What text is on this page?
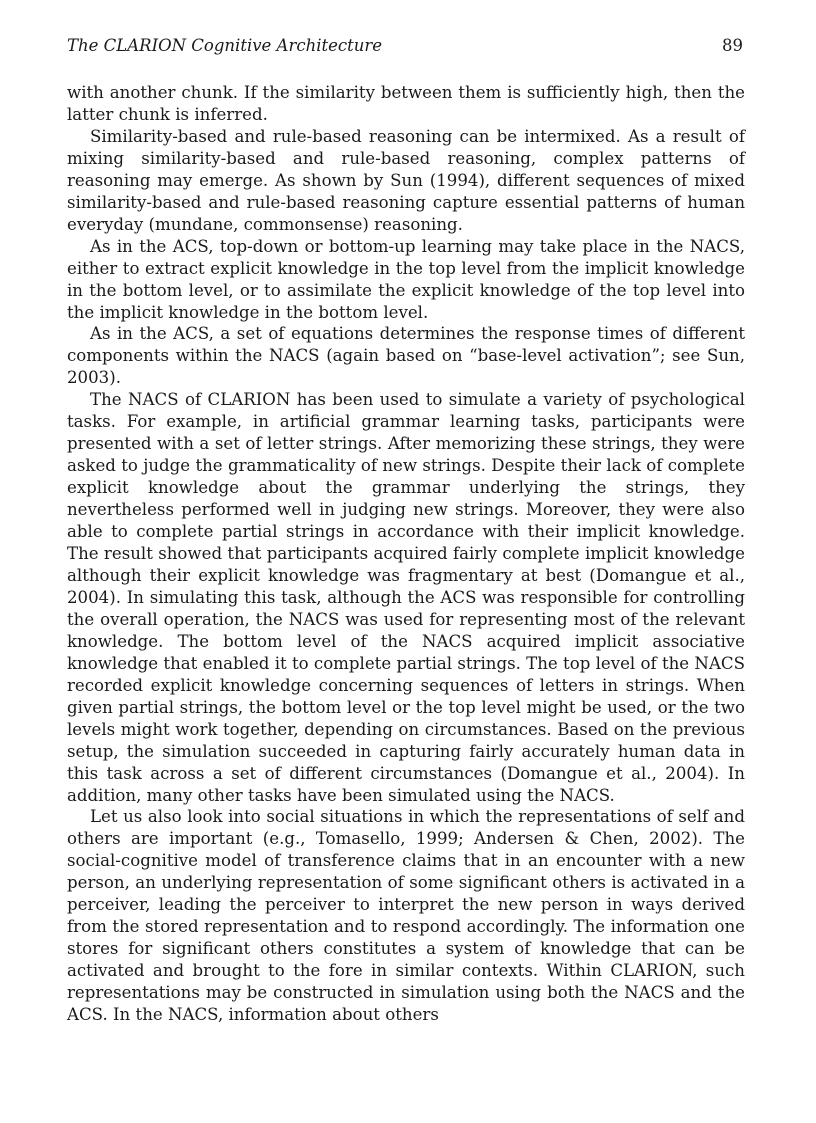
The CLARION Cognitive Architecture	89

with another chunk. If the similarity between them is sufficiently high, then the latter chunk is inferred.

Similarity-based and rule-based reasoning can be intermixed. As a result of mixing similarity-based and rule-based reasoning, complex patterns of reasoning may emerge. As shown by Sun (1994), different sequences of mixed similarity-based and rule-based reasoning capture essential patterns of human everyday (mundane, commonsense) reasoning.

As in the ACS, top-down or bottom-up learning may take place in the NACS, either to extract explicit knowledge in the top level from the implicit knowledge in the bottom level, or to assimilate the explicit knowledge of the top level into the implicit knowledge in the bottom level.

As in the ACS, a set of equations determines the response times of different components within the NACS (again based on “base-level activation”; see Sun, 2003).

The NACS of CLARION has been used to simulate a variety of psychological tasks. For example, in artificial grammar learning tasks, participants were presented with a set of letter strings. After memorizing these strings, they were asked to judge the grammaticality of new strings. Despite their lack of complete explicit knowledge about the grammar underlying the strings, they nevertheless performed well in judging new strings. Moreover, they were also able to complete partial strings in accordance with their implicit knowledge. The result showed that participants acquired fairly complete implicit knowledge although their explicit knowledge was fragmentary at best (Domangue et al., 2004). In simulating this task, although the ACS was responsible for controlling the overall operation, the NACS was used for representing most of the relevant knowledge. The bottom level of the NACS acquired implicit associative knowledge that enabled it to complete partial strings. The top level of the NACS recorded explicit knowledge concerning sequences of letters in strings. When given partial strings, the bottom level or the top level might be used, or the two levels might work together, depending on circumstances. Based on the previous setup, the simulation succeeded in capturing fairly accurately human data in this task across a set of different circumstances (Domangue et al., 2004). In addition, many other tasks have been simulated using the NACS.

Let us also look into social situations in which the representations of self and others are important (e.g., Tomasello, 1999; Andersen & Chen, 2002). The social-cognitive model of transference claims that in an encounter with a new person, an underlying representation of some significant others is activated in a perceiver, leading the perceiver to interpret the new person in ways derived from the stored representation and to respond accordingly. The information one stores for significant others constitutes a system of knowledge that can be activated and brought to the fore in similar contexts. Within CLARION, such representations may be constructed in simulation using both the NACS and the ACS. In the NACS, information about others
